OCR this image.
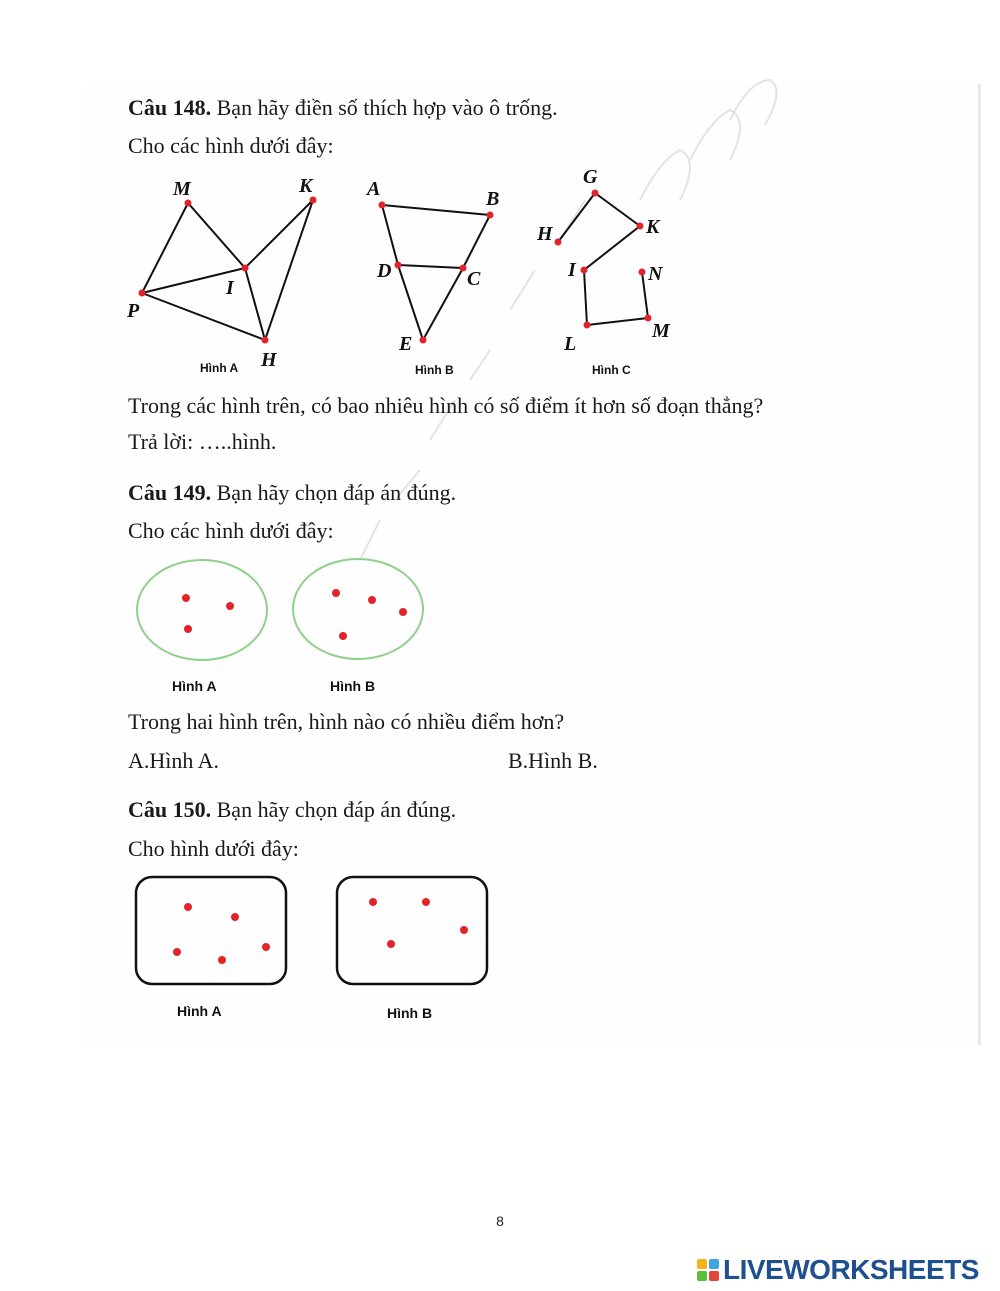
Câu 148. Bạn hãy điền số thích hợp vào ô trống.
Cho các hình dưới đây:
M	K
I
P
H
Hình A
A	B
D	C
E
Hình B
G
H	K
I	N
L
M
Hình C
Trong các hình trên, có bao nhiêu hình có số điểm ít hơn số đoạn thẳng?
Trả lời: …..hình.
Câu 149. Bạn hãy chọn đáp án đúng.
Cho các hình dưới đây:
Hình A	Hình B
Trong hai hình trên, hình nào có nhiều điểm hơn?
A.Hình A.	B.Hình B.
Câu 150. Bạn hãy chọn đáp án đúng.
Cho hình dưới đây:
Hình A	Hình B
8
LIVEWORKSHEETS
